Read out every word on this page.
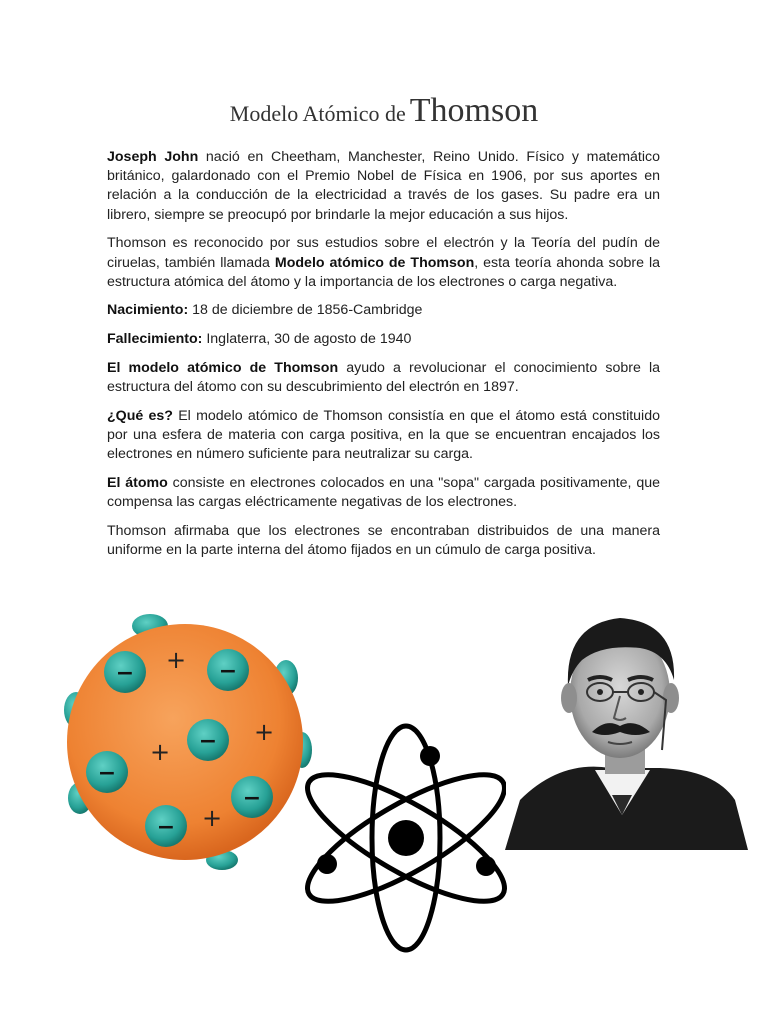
Modelo Atómico de Thomson

Joseph John nació en Cheetham, Manchester, Reino Unido. Físico y matemático británico, galardonado con el Premio Nobel de Física en 1906, por sus aportes en relación a la conducción de la electricidad a través de los gases. Su padre era un librero, siempre se preocupó por brindarle la mejor educación a sus hijos.

Thomson es reconocido por sus estudios sobre el electrón y la Teoría del pudín de ciruelas, también llamada Modelo atómico de Thomson, esta teoría ahonda sobre la estructura atómica del átomo y la importancia de los electrones o carga negativa.

Nacimiento: 18 de diciembre de 1856-Cambridge

Fallecimiento: Inglaterra, 30 de agosto de 1940

El modelo atómico de Thomson ayudo a revolucionar el conocimiento sobre la estructura del átomo con su descubrimiento del electrón en 1897.

¿Qué es? El modelo atómico de Thomson consistía en que el átomo está constituido por una esfera de materia con carga positiva, en la que se encuentran encajados los electrones en número suficiente para neutralizar su carga.

El átomo consiste en electrones colocados en una "sopa" cargada positivamente, que compensa las cargas eléctricamente negativas de los electrones.

Thomson afirmaba que los electrones se encontraban distribuidos de una manera uniforme en la parte interna del átomo fijados en un cúmulo de carga positiva.

−	−
−
−
−
−
+
+
+
+
